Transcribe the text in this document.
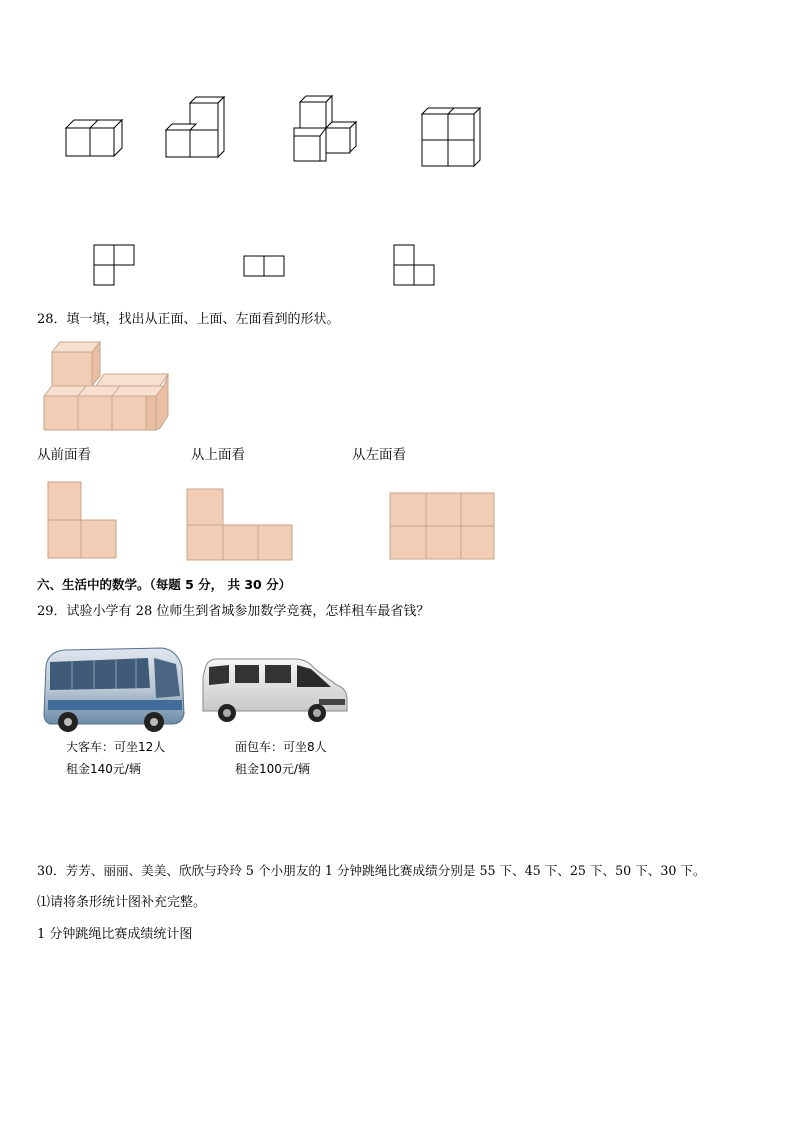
28．填一填，找出从正面、上面、左面看到的形状。
从前面看	从上面看	从左面看
六、生活中的数学。（每题 5 分， 共 30 分）
29．试验小学有 28 位师生到省城参加数学竞赛，怎样租车最省钱？
大客车：可坐12人
租金140元/辆
面包车：可坐8人
租金100元/辆
30．芳芳、丽丽、美美、欣欣与玲玲 5 个小朋友的 1 分钟跳绳比赛成绩分别是 55 下、45 下、25 下、50 下、30 下。
⑴请将条形统计图补充完整。
1 分钟跳绳比赛成绩统计图
